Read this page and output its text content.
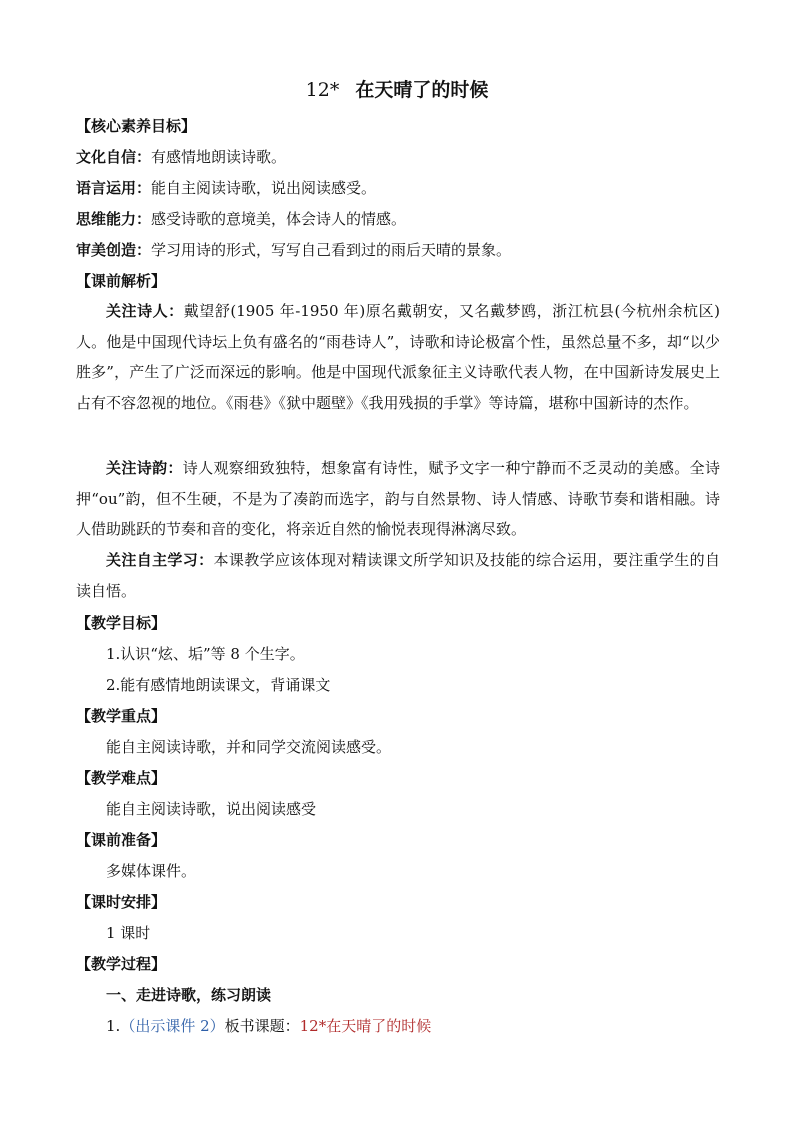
12* 在天晴了的时候
【核心素养目标】
文化自信：有感情地朗读诗歌。
语言运用：能自主阅读诗歌，说出阅读感受。
思维能力：感受诗歌的意境美，体会诗人的情感。
审美创造：学习用诗的形式，写写自己看到过的雨后天晴的景象。
【课前解析】
关注诗人：戴望舒(1905 年-1950 年)原名戴朝安，又名戴梦鸥，浙江杭县(今杭州余杭区)人。他是中国现代诗坛上负有盛名的“雨巷诗人”，诗歌和诗论极富个性，虽然总量不多，却“以少胜多”，产生了广泛而深远的影响。他是中国现代派象征主义诗歌代表人物，在中国新诗发展史上占有不容忽视的地位。《雨巷》《狱中题壁》《我用残损的手掌》等诗篇，堪称中国新诗的杰作。
关注诗韵：诗人观察细致独特，想象富有诗性，赋予文字一种宁静而不乏灵动的美感。全诗押“ou”韵，但不生硬，不是为了凑韵而选字，韵与自然景物、诗人情感、诗歌节奏和谐相融。诗人借助跳跃的节奏和音的变化，将亲近自然的愉悦表现得淋漓尽致。
关注自主学习：本课教学应该体现对精读课文所学知识及技能的综合运用，要注重学生的自读自悟。
【教学目标】
1.认识“炫、垢”等 8 个生字。
2.能有感情地朗读课文，背诵课文
【教学重点】
能自主阅读诗歌，并和同学交流阅读感受。
【教学难点】
能自主阅读诗歌，说出阅读感受
【课前准备】
多媒体课件。
【课时安排】
1 课时
【教学过程】
一、走进诗歌，练习朗读
1.（出示课件 2）板书课题：12*在天晴了的时候
